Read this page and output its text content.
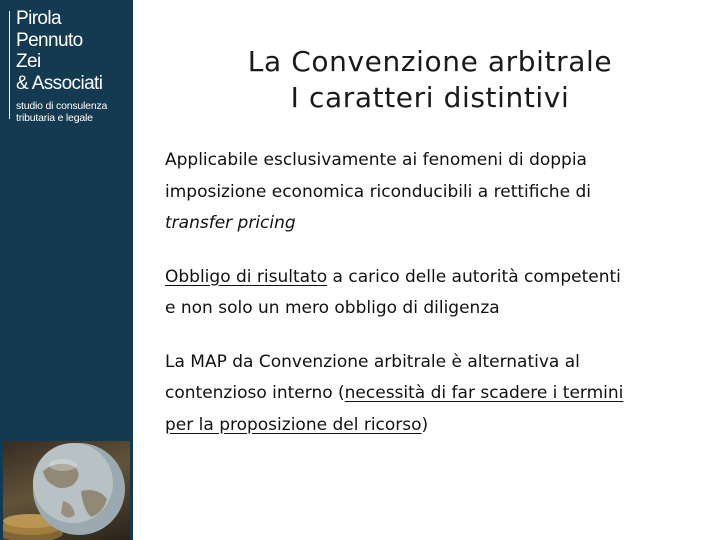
Pirola
Pennuto
Zei
& Associati
studio di consulenza
tributaria e legale
La Convenzione arbitrale
I caratteri distintivi
Applicabile esclusivamente ai fenomeni di doppia
imposizione economica riconducibili a rettifiche di
transfer pricing
Obbligo di risultato a carico delle autorità competenti
e non solo un mero obbligo di diligenza
La MAP da Convenzione arbitrale è alternativa al
contenzioso interno (necessità di far scadere i termini
per la proposizione del ricorso)
